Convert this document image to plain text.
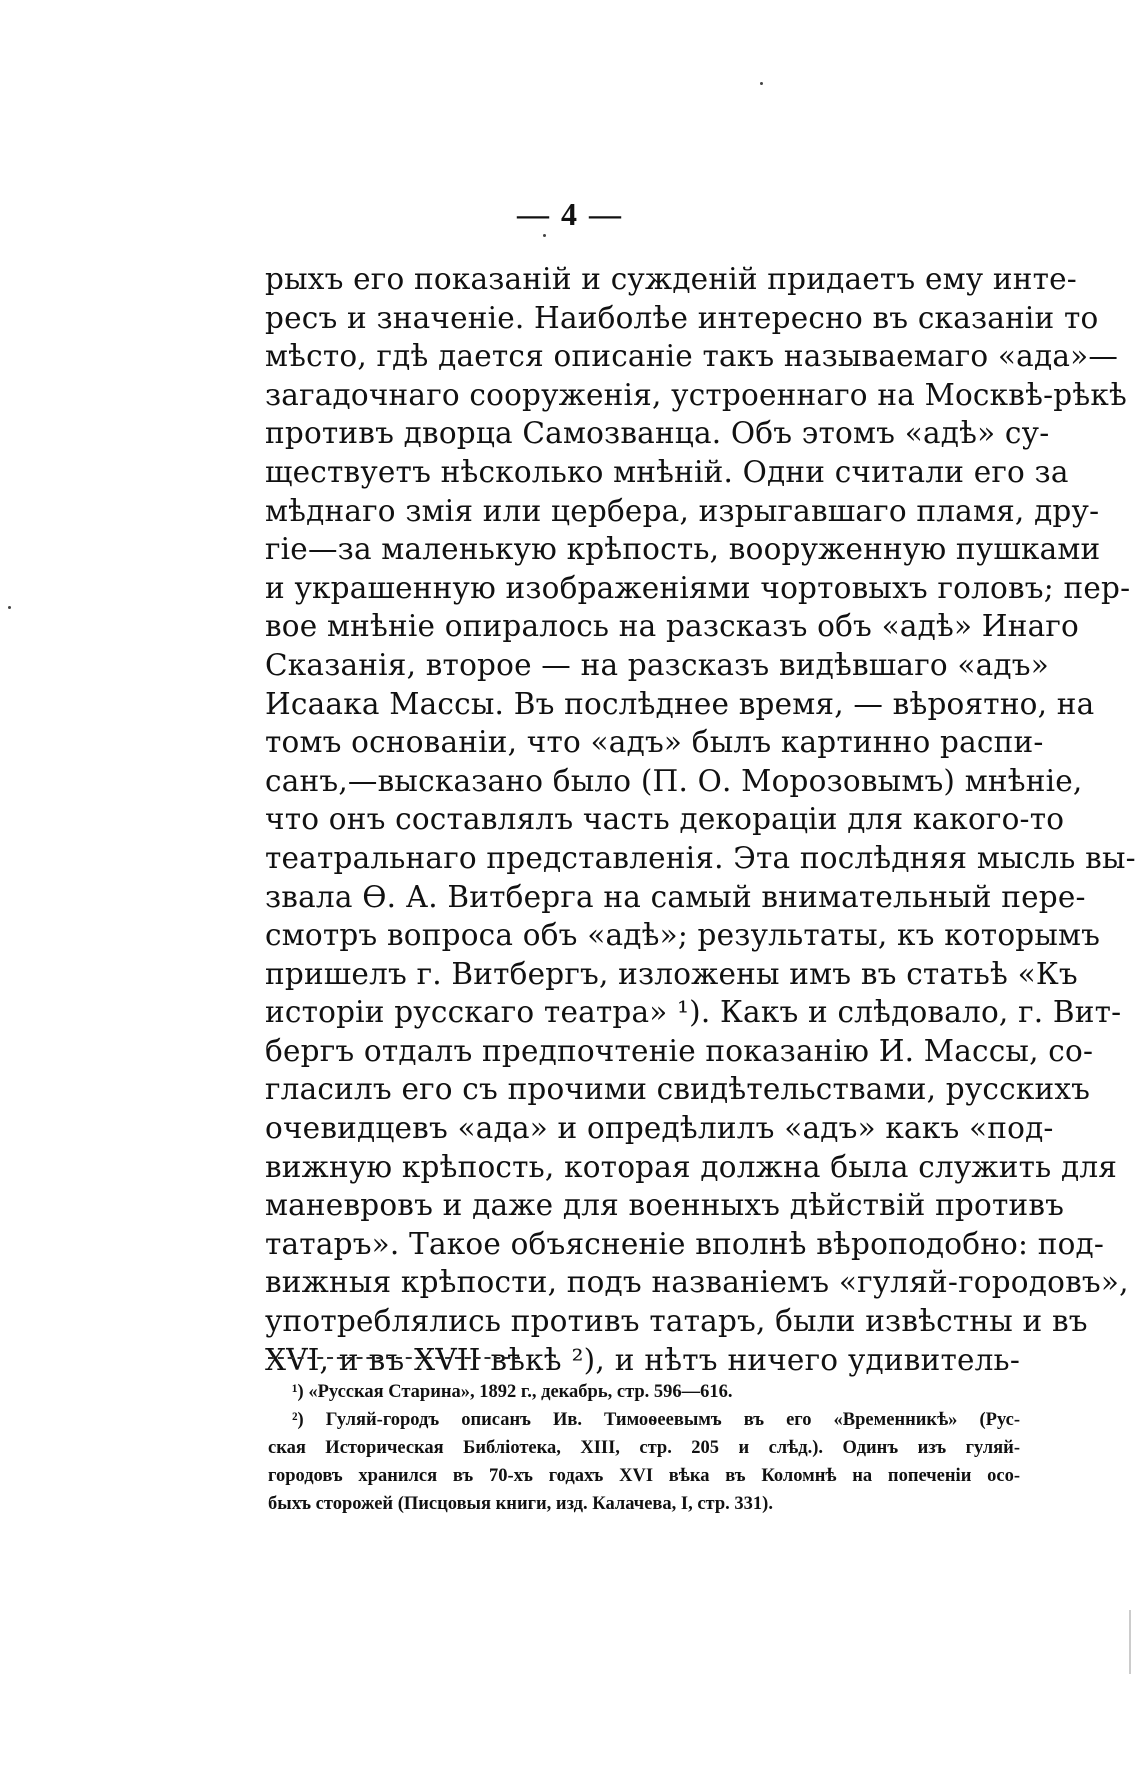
— 4 —
рыхъ его показаній и сужденій придаетъ ему инте-
ресъ и значеніе. Наиболѣе интересно въ сказаніи то
мѣсто, гдѣ дается описаніе такъ называемаго «ада»—
загадочнаго сооруженія, устроеннаго на Москвѣ-рѣкѣ
противъ дворца Самозванца. Объ этомъ «адѣ» су-
ществуетъ нѣсколько мнѣній. Одни считали его за
мѣднаго змія или цербера, изрыгавшаго пламя, дру-
гіе—за маленькую крѣпость, вооруженную пушками
и украшенную изображеніями чортовыхъ головъ; пер-
вое мнѣніе опиралось на разсказъ объ «адѣ» Инаго
Сказанія, второе — на разсказъ видѣвшаго «адъ»
Исаака Массы. Въ послѣднее время, — вѣроятно, на
томъ основаніи, что «адъ» былъ картинно распи-
санъ,—высказано было (П. О. Морозовымъ) мнѣніе,
что онъ составлялъ часть декораціи для какого-то
театральнаго представленія. Эта послѣдняя мысль вы-
звала Ѳ. А. Витберга на самый внимательный пере-
смотръ вопроса объ «адѣ»; результаты, къ которымъ
пришелъ г. Витбергъ, изложены имъ въ статьѣ «Къ
исторіи русскаго театра» ¹). Какъ и слѣдовало, г. Вит-
бергъ отдалъ предпочтеніе показанію И. Массы, со-
гласилъ его съ прочими свидѣтельствами, русскихъ
очевидцевъ «ада» и опредѣлилъ «адъ» какъ «под-
вижную крѣпость, которая должна была служить для
маневровъ и даже для военныхъ дѣйствій противъ
татаръ». Такое объясненіе вполнѣ вѣроподобно: под-
вижныя крѣпости, подъ названіемъ «гуляй-городовъ»,
употреблялись противъ татаръ, были извѣстны и въ
XVI, и въ XVII вѣкѣ ²), и нѣтъ ничего удивитель-
¹) «Русская Старина», 1892 г., декабрь, стр. 596—616.
²) Гуляй-городъ описанъ Ив. Тимоѳеевымъ въ его «Временникѣ» (Рус-
ская Историческая Библіотека, XIII, стр. 205 и слѣд.). Одинъ изъ гуляй-
городовъ хранился въ 70-хъ годахъ XVI вѣка въ Коломнѣ на попеченіи осо-
быхъ сторожей (Писцовыя книги, изд. Калачева, I, стр. 331).
